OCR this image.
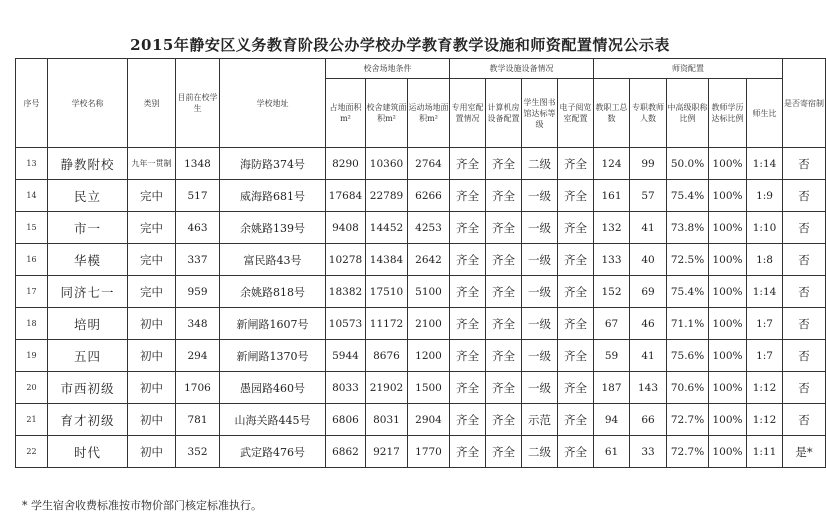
2015年静安区义务教育阶段公办学校办学教育教学设施和师资配置情况公示表
序号	学校名称	类别	目前在校学生	学校地址	校舍场地条件			教学设施设备情况				师资配置					是否寄宿制
					占地面积m²	校舍建筑面积m²	运动场地面积m²	专用室配置情况	计算机房设备配置	学生图书馆达标等级	电子阅览室配置	教职工总数	专职教师人数	中高级职称比例	教师学历达标比例	师生比	
13	静教附校	九年一贯制	1348	海防路374号	8290	10360	2764	齐全	齐全	二级	齐全	124	99	50.0%	100%	1:14	否
14	民立	完中	517	威海路681号	17684	22789	6266	齐全	齐全	一级	齐全	161	57	75.4%	100%	1:9	否
15	市一	完中	463	余姚路139号	9408	14452	4253	齐全	齐全	一级	齐全	132	41	73.8%	100%	1:10	否
16	华模	完中	337	富民路43号	10278	14384	2642	齐全	齐全	一级	齐全	133	40	72.5%	100%	1:8	否
17	同济七一	完中	959	余姚路818号	18382	17510	5100	齐全	齐全	一级	齐全	152	69	75.4%	100%	1:14	否
18	培明	初中	348	新闸路1607号	10573	11172	2100	齐全	齐全	一级	齐全	67	46	71.1%	100%	1:7	否
19	五四	初中	294	新闸路1370号	5944	8676	1200	齐全	齐全	一级	齐全	59	41	75.6%	100%	1:7	否
20	市西初级	初中	1706	愚园路460号	8033	21902	1500	齐全	齐全	一级	齐全	187	143	70.6%	100%	1:12	否
21	育才初级	初中	781	山海关路445号	6806	8031	2904	齐全	齐全	示范	齐全	94	66	72.7%	100%	1:12	否
22	时代	初中	352	武定路476号	6862	9217	1770	齐全	齐全	二级	齐全	61	33	72.7%	100%	1:11	是*
* 学生宿舍收费标准按市物价部门核定标准执行。
